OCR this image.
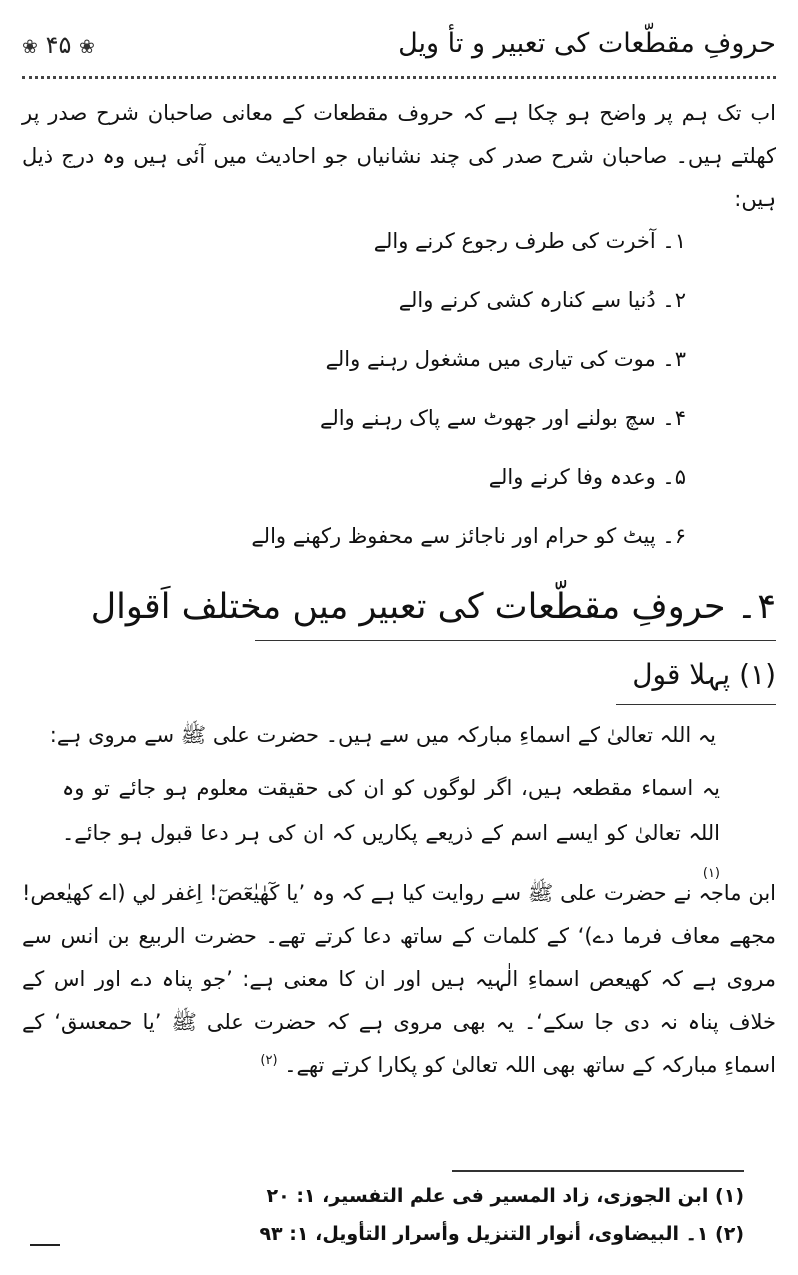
حروفِ مقطّعات کی تعبیر و تأ ویل
❀ ۴۵ ❀

اب تک ہم پر واضح ہو چکا ہے کہ حروف مقطعات کے معانی صاحبان شرح صدر پر کھلتے ہیں۔ صاحبان شرح صدر کی چند نشانیاں جو احادیث میں آئی ہیں وہ درج ذیل ہیں:

۱۔ آخرت کی طرف رجوع کرنے والے
۲۔ دُنیا سے کنارہ کشی کرنے والے
۳۔ موت کی تیاری میں مشغول رہنے والے
۴۔ سچ بولنے اور جھوٹ سے پاک رہنے والے
۵۔ وعدہ وفا کرنے والے
۶۔ پیٹ کو حرام اور ناجائز سے محفوظ رکھنے والے
۴۔ حروفِ مقطّعات کی تعبیر میں مختلف اَقوال
(۱) پہلا قول

یہ اللہ تعالیٰ کے اسماءِ مبارکہ میں سے ہیں۔ حضرت علی ﷺ سے مروی ہے:

یہ اسماء مقطعہ ہیں، اگر لوگوں کو ان کی حقیقت معلوم ہو جائے تو وہ اللہ تعالیٰ کو ایسے اسم کے ذریعے پکاریں کہ ان کی ہر دعا قبول ہو جائے۔ $^{(۱)}$

ابن ماجہ نے حضرت علی ﷺ سے روایت کیا ہے کہ وہ ’یا کٓھٰیٰعٓصٓ! اِغفر لي (اے کھیٰعص! مجھے معاف فرما دے)‘ کے کلمات کے ساتھ دعا کرتے تھے۔ حضرت الربیع بن انس سے مروی ہے کہ کھیعص اسماءِ الٰہیہ ہیں اور ان کا معنی ہے: ’جو پناہ دے اور اس کے خلاف پناہ نہ دی جا سکے‘۔ یہ بھی مروی ہے کہ حضرت علی ﷺ ’یا حمعسق‘ کے اسماءِ مبارکہ کے ساتھ بھی اللہ تعالیٰ کو پکارا کرتے تھے۔ $^{(۲)}$

(۱) ابن الجوزی، زاد المسیر فی علم التفسیر، ۱: ۲۰
(۲) ۱۔ البیضاوی، أنوار التنزیل وأسرار التأویل، ۱: ۹۳
